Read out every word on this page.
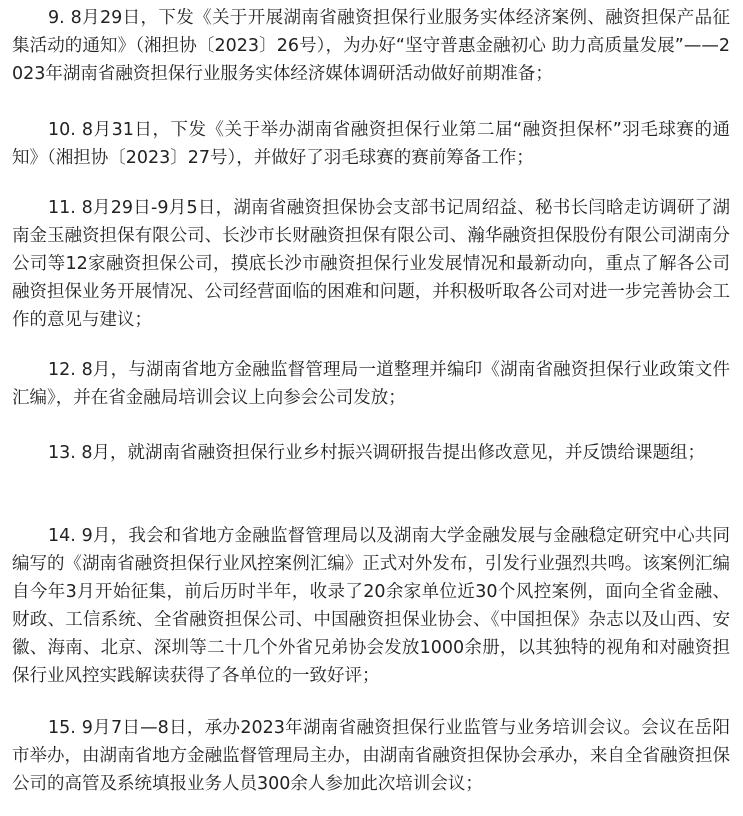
9. 8月29日，下发《关于开展湖南省融资担保行业服务实体经济案例、融资担保产品征集活动的通知》（湘担协〔2023〕26号），为办好“坚守普惠金融初心 助力高质量发展”——2023年湖南省融资担保行业服务实体经济媒体调研活动做好前期准备；

10. 8月31日，下发《关于举办湖南省融资担保行业第二届“融资担保杯”羽毛球赛的通知》（湘担协〔2023〕27号），并做好了羽毛球赛的赛前筹备工作；

11. 8月29日-9月5日，湖南省融资担保协会支部书记周绍益、秘书长闫晗走访调研了湖南金玉融资担保有限公司、长沙市长财融资担保有限公司、瀚华融资担保股份有限公司湖南分公司等12家融资担保公司，摸底长沙市融资担保行业发展情况和最新动向，重点了解各公司融资担保业务开展情况、公司经营面临的困难和问题，并积极听取各公司对进一步完善协会工作的意见与建议；

12. 8月，与湖南省地方金融监督管理局一道整理并编印《湖南省融资担保行业政策文件汇编》，并在省金融局培训会议上向参会公司发放；

13. 8月，就湖南省融资担保行业乡村振兴调研报告提出修改意见，并反馈给课题组；

14. 9月，我会和省地方金融监督管理局以及湖南大学金融发展与金融稳定研究中心共同编写的《湖南省融资担保行业风控案例汇编》正式对外发布，引发行业强烈共鸣。该案例汇编自今年3月开始征集，前后历时半年，收录了20余家单位近30个风控案例，面向全省金融、财政、工信系统、全省融资担保公司、中国融资担保业协会、《中国担保》杂志以及山西、安徽、海南、北京、深圳等二十几个外省兄弟协会发放1000余册，以其独特的视角和对融资担保行业风控实践解读获得了各单位的一致好评；

15. 9月7日—8日，承办2023年湖南省融资担保行业监管与业务培训会议。会议在岳阳市举办，由湖南省地方金融监督管理局主办，由湖南省融资担保协会承办，来自全省融资担保公司的高管及系统填报业务人员300余人参加此次培训会议；
